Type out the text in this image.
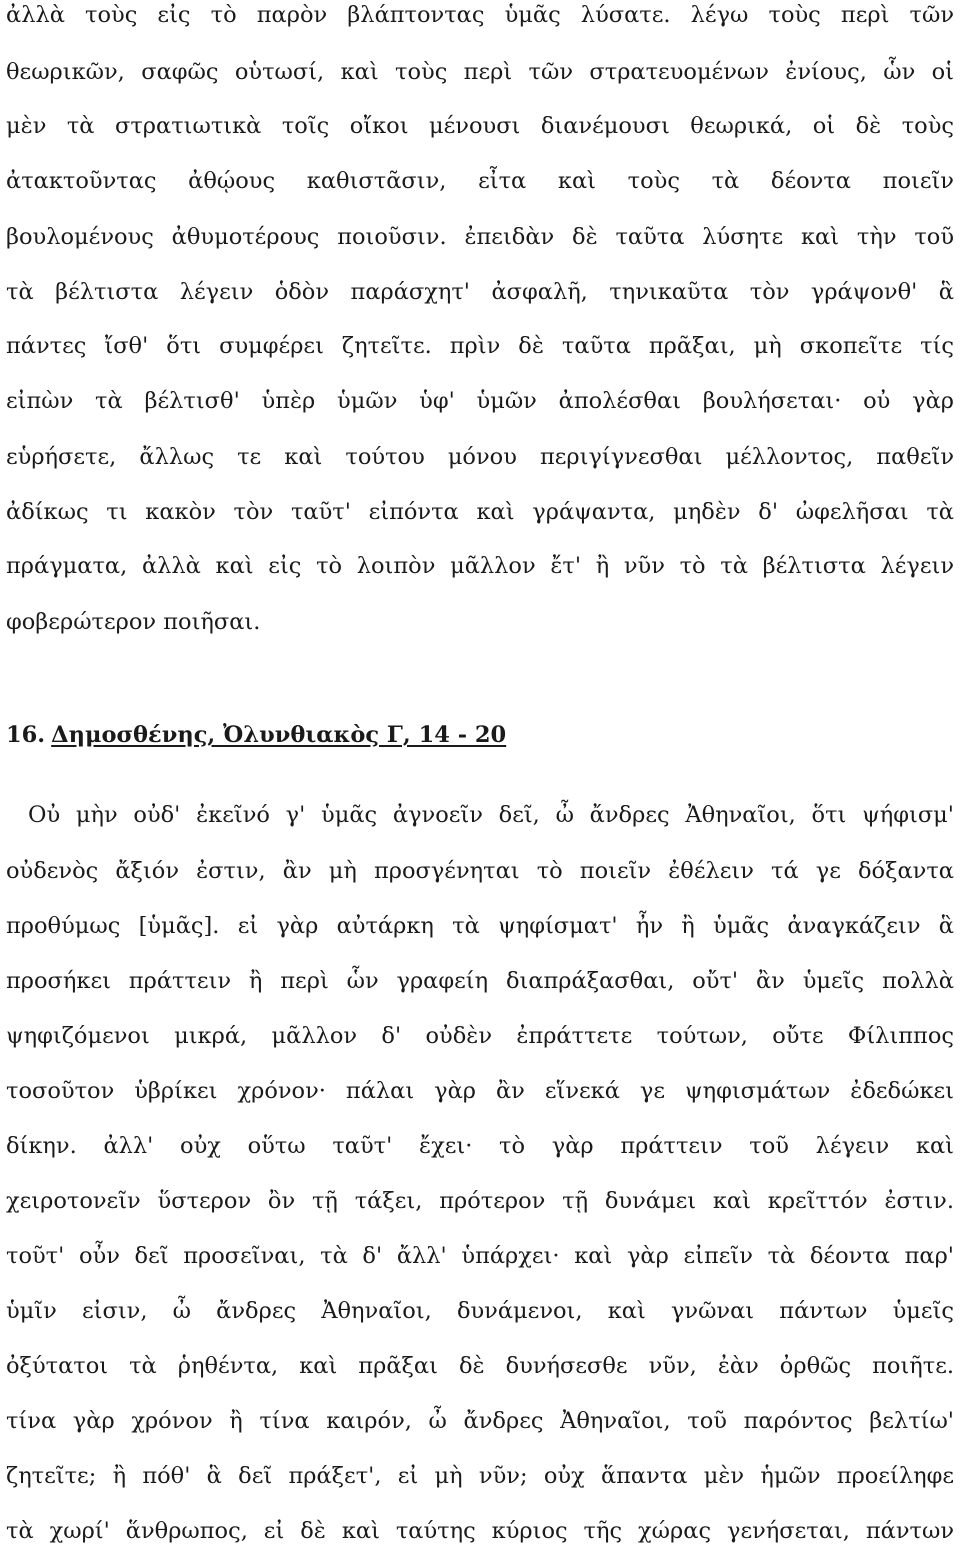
ἀλλὰ τοὺς εἰς τὸ παρὸν βλάπτοντας ὑμᾶς λύσατε. λέγω τοὺς περὶ τῶν
θεωρικῶν, σαφῶς οὑτωσί, καὶ τοὺς περὶ τῶν στρατευομένων ἐνίους, ὧν οἱ
μὲν τὰ στρατιωτικὰ τοῖς οἴκοι μένουσι διανέμουσι θεωρικά, οἱ δὲ τοὺς
ἀτακτοῦντας ἀθῴους καθιστᾶσιν, εἶτα καὶ τοὺς τὰ δέοντα ποιεῖν
βουλομένους ἀθυμοτέρους ποιοῦσιν. ἐπειδὰν δὲ ταῦτα λύσητε καὶ τὴν τοῦ
τὰ βέλτιστα λέγειν ὁδὸν παράσχητ' ἀσφαλῆ, τηνικαῦτα τὸν γράψονθ' ἃ
πάντες ἴσθ' ὅτι συμφέρει ζητεῖτε. πρὶν δὲ ταῦτα πρᾶξαι, μὴ σκοπεῖτε τίς
εἰπὼν τὰ βέλτισθ' ὑπὲρ ὑμῶν ὑφ' ὑμῶν ἀπολέσθαι βουλήσεται· οὐ γὰρ
εὑρήσετε, ἄλλως τε καὶ τούτου μόνου περιγίγνεσθαι μέλλοντος, παθεῖν
ἀδίκως τι κακὸν τὸν ταῦτ' εἰπόντα καὶ γράψαντα, μηδὲν δ' ὠφελῆσαι τὰ
πράγματα, ἀλλὰ καὶ εἰς τὸ λοιπὸν μᾶλλον ἔτ' ἢ νῦν τὸ τὰ βέλτιστα λέγειν
φοβερώτερον ποιῆσαι.
16. Δημοσθένης, Ὀλυνθιακὸς Γ, 14 - 20
Οὐ μὴν οὐδ' ἐκεῖνό γ' ὑμᾶς ἀγνοεῖν δεῖ, ὦ ἄνδρες Ἀθηναῖοι, ὅτι ψήφισμ'
οὐδενὸς ἄξιόν ἐστιν, ἂν μὴ προσγένηται τὸ ποιεῖν ἐθέλειν τά γε δόξαντα
προθύμως [ὑμᾶς]. εἰ γὰρ αὐτάρκη τὰ ψηφίσματ' ἦν ἢ ὑμᾶς ἀναγκάζειν ἃ
προσήκει πράττειν ἢ περὶ ὧν γραφείη διαπράξασθαι, οὔτ' ἂν ὑμεῖς πολλὰ
ψηφιζόμενοι μικρά, μᾶλλον δ' οὐδὲν ἐπράττετε τούτων, οὔτε Φίλιππος
τοσοῦτον ὑβρίκει χρόνον· πάλαι γὰρ ἂν εἵνεκά γε ψηφισμάτων ἐδεδώκει
δίκην. ἀλλ' οὐχ οὕτω ταῦτ' ἔχει· τὸ γὰρ πράττειν τοῦ λέγειν καὶ
χειροτονεῖν ὕστερον ὂν τῇ τάξει, πρότερον τῇ δυνάμει καὶ κρεῖττόν ἐστιν.
τοῦτ' οὖν δεῖ προσεῖναι, τὰ δ' ἄλλ' ὑπάρχει· καὶ γὰρ εἰπεῖν τὰ δέοντα παρ'
ὑμῖν εἰσιν, ὦ ἄνδρες Ἀθηναῖοι, δυνάμενοι, καὶ γνῶναι πάντων ὑμεῖς
ὀξύτατοι τὰ ῥηθέντα, καὶ πρᾶξαι δὲ δυνήσεσθε νῦν, ἐὰν ὀρθῶς ποιῆτε.
τίνα γὰρ χρόνον ἢ τίνα καιρόν, ὦ ἄνδρες Ἀθηναῖοι, τοῦ παρόντος βελτίω'
ζητεῖτε; ἢ πόθ' ἃ δεῖ πράξετ', εἰ μὴ νῦν; οὐχ ἅπαντα μὲν ἡμῶν προείληφε
τὰ χωρί' ἅνθρωπος, εἰ δὲ καὶ ταύτης κύριος τῆς χώρας γενήσεται, πάντων
